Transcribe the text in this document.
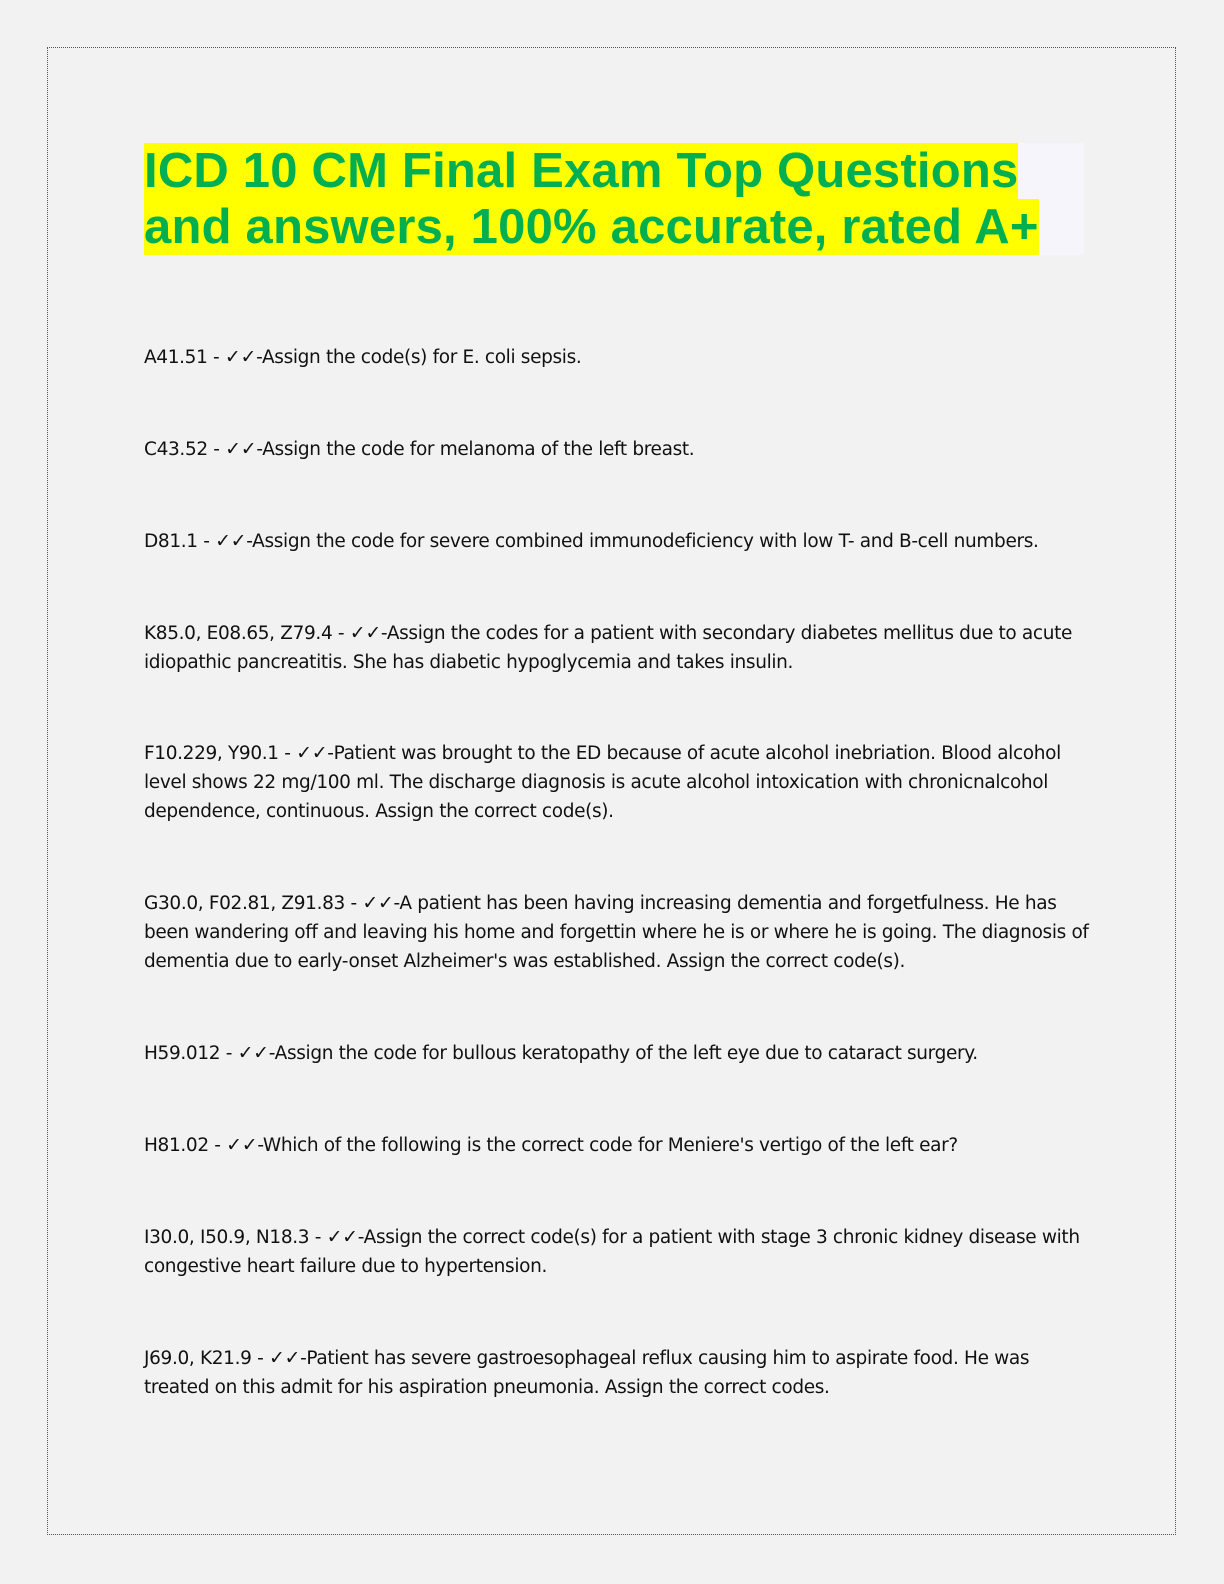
ICD 10 CM Final Exam Top Questions
and answers, 100% accurate, rated A+
A41.51 - ✓✓-Assign the code(s) for E. coli sepsis.
C43.52 - ✓✓-Assign the code for melanoma of the left breast.
D81.1 - ✓✓-Assign the code for severe combined immunodeficiency with low T- and B-cell numbers.
K85.0, E08.65, Z79.4 - ✓✓-Assign the codes for a patient with secondary diabetes mellitus due to acute idiopathic pancreatitis. She has diabetic hypoglycemia and takes insulin.
F10.229, Y90.1 - ✓✓-Patient was brought to the ED because of acute alcohol inebriation. Blood alcohol level shows 22 mg/100 ml. The discharge diagnosis is acute alcohol intoxication with chronicnalcohol dependence, continuous. Assign the correct code(s).
G30.0, F02.81, Z91.83 - ✓✓-A patient has been having increasing dementia and forgetfulness. He has been wandering off and leaving his home and forgettin where he is or where he is going. The diagnosis of dementia due to early-onset Alzheimer's was established. Assign the correct code(s).
H59.012 - ✓✓-Assign the code for bullous keratopathy of the left eye due to cataract surgery.
H81.02 - ✓✓-Which of the following is the correct code for Meniere's vertigo of the left ear?
I30.0, I50.9, N18.3 - ✓✓-Assign the correct code(s) for a patient with stage 3 chronic kidney disease with congestive heart failure due to hypertension.
J69.0, K21.9 - ✓✓-Patient has severe gastroesophageal reflux causing him to aspirate food. He was treated on this admit for his aspiration pneumonia. Assign the correct codes.
